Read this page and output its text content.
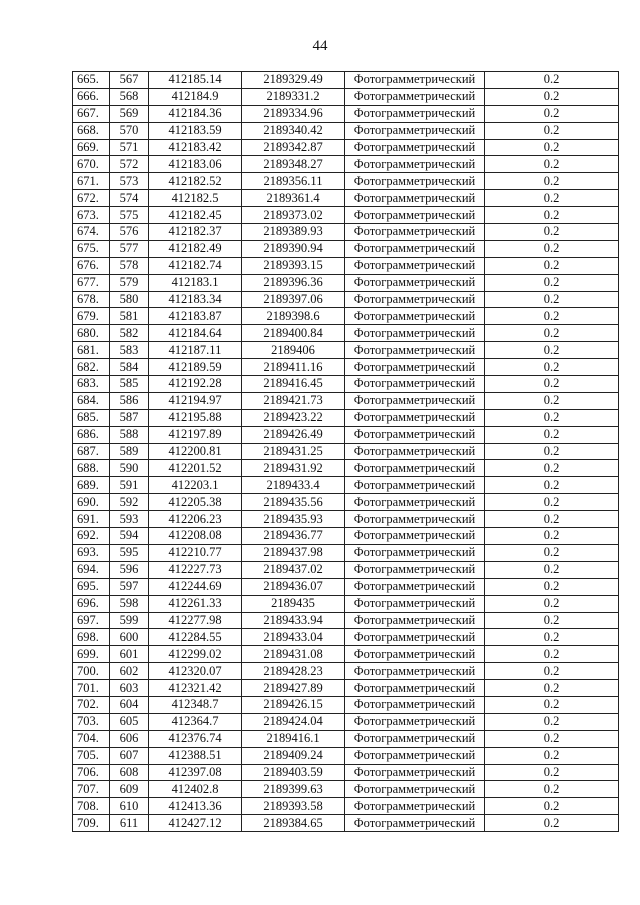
44
665.	567	412185.14	2189329.49	Фотограмметрический	0.2
666.	568	412184.9	2189331.2	Фотограмметрический	0.2
667.	569	412184.36	2189334.96	Фотограмметрический	0.2
668.	570	412183.59	2189340.42	Фотограмметрический	0.2
669.	571	412183.42	2189342.87	Фотограмметрический	0.2
670.	572	412183.06	2189348.27	Фотограмметрический	0.2
671.	573	412182.52	2189356.11	Фотограмметрический	0.2
672.	574	412182.5	2189361.4	Фотограмметрический	0.2
673.	575	412182.45	2189373.02	Фотограмметрический	0.2
674.	576	412182.37	2189389.93	Фотограмметрический	0.2
675.	577	412182.49	2189390.94	Фотограмметрический	0.2
676.	578	412182.74	2189393.15	Фотограмметрический	0.2
677.	579	412183.1	2189396.36	Фотограмметрический	0.2
678.	580	412183.34	2189397.06	Фотограмметрический	0.2
679.	581	412183.87	2189398.6	Фотограмметрический	0.2
680.	582	412184.64	2189400.84	Фотограмметрический	0.2
681.	583	412187.11	2189406	Фотограмметрический	0.2
682.	584	412189.59	2189411.16	Фотограмметрический	0.2
683.	585	412192.28	2189416.45	Фотограмметрический	0.2
684.	586	412194.97	2189421.73	Фотограмметрический	0.2
685.	587	412195.88	2189423.22	Фотограмметрический	0.2
686.	588	412197.89	2189426.49	Фотограмметрический	0.2
687.	589	412200.81	2189431.25	Фотограмметрический	0.2
688.	590	412201.52	2189431.92	Фотограмметрический	0.2
689.	591	412203.1	2189433.4	Фотограмметрический	0.2
690.	592	412205.38	2189435.56	Фотограмметрический	0.2
691.	593	412206.23	2189435.93	Фотограмметрический	0.2
692.	594	412208.08	2189436.77	Фотограмметрический	0.2
693.	595	412210.77	2189437.98	Фотограмметрический	0.2
694.	596	412227.73	2189437.02	Фотограмметрический	0.2
695.	597	412244.69	2189436.07	Фотограмметрический	0.2
696.	598	412261.33	2189435	Фотограмметрический	0.2
697.	599	412277.98	2189433.94	Фотограмметрический	0.2
698.	600	412284.55	2189433.04	Фотограмметрический	0.2
699.	601	412299.02	2189431.08	Фотограмметрический	0.2
700.	602	412320.07	2189428.23	Фотограмметрический	0.2
701.	603	412321.42	2189427.89	Фотограмметрический	0.2
702.	604	412348.7	2189426.15	Фотограмметрический	0.2
703.	605	412364.7	2189424.04	Фотограмметрический	0.2
704.	606	412376.74	2189416.1	Фотограмметрический	0.2
705.	607	412388.51	2189409.24	Фотограмметрический	0.2
706.	608	412397.08	2189403.59	Фотограмметрический	0.2
707.	609	412402.8	2189399.63	Фотограмметрический	0.2
708.	610	412413.36	2189393.58	Фотограмметрический	0.2
709.	611	412427.12	2189384.65	Фотограмметрический	0.2
